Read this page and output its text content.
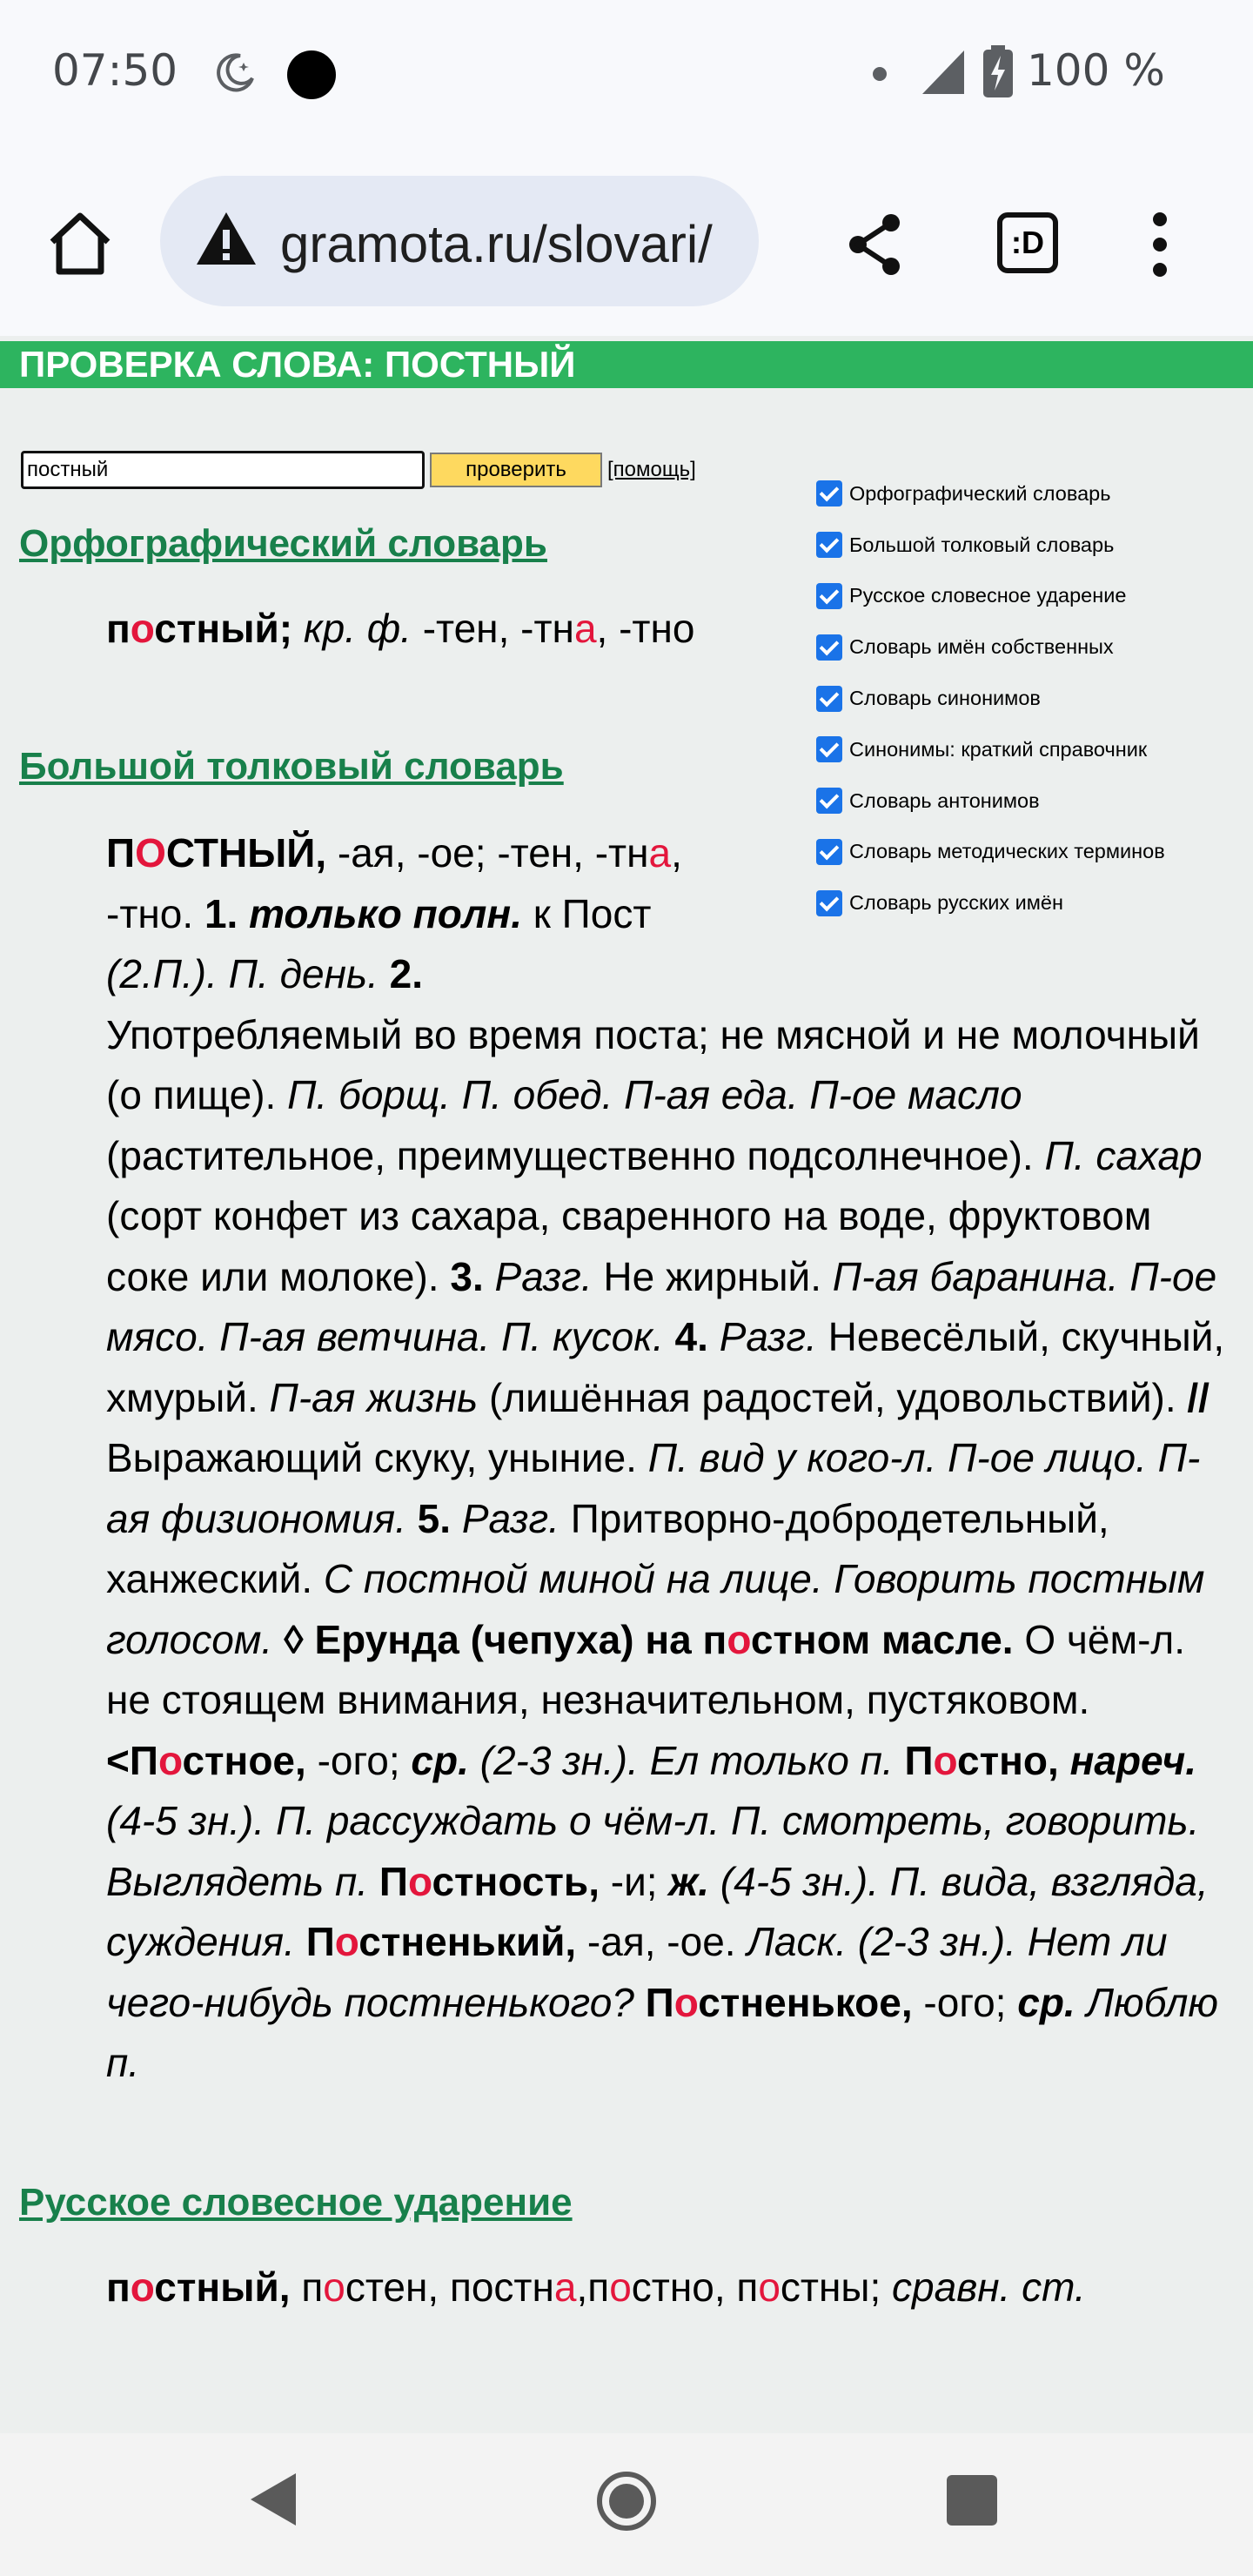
07:50	100 %
gramota.ru/slovari/	:D
ПРОВЕРКА СЛОВА: ПОСТНЫЙ
постный
проверить	[помощь]
Орфографический словарь
Большой толковый словарь
Русское словесное ударение
Словарь имён собственных
Словарь синонимов
Синонимы: краткий справочник
Словарь антонимов
Словарь методических терминов
Словарь русских имён
Орфографический словарь
постный; кр. ф. -тен, -тна, -тно
Большой толковый словарь
ПОСТНЫЙ, -ая, -ое; -тен, -тна,
-тно. 1. только полн. к Пост
(2.П.). П. день. 2.
Употребляемый во время поста; не мясной и не молочный (о пище). П. борщ. П. обед. П-ая еда. П-ое масло (растительное, преимущественно подсолнечное). П. сахар (сорт конфет из сахара, сваренного на воде, фруктовом соке или молоке). 3. Разг. Не жирный. П-ая баранина. П-ое мясо. П-ая ветчина. П. кусок. 4. Разг. Невесёлый, скучный, хмурый. П-ая жизнь (лишённая радостей, удовольствий). // Выражающий скуку, уныние. П. вид у кого-л. П-ое лицо. П-ая физиономия. 5. Разг. Притворно-добродетельный, ханжеский. С постной миной на лице. Говорить постным голосом. ◊ Ерунда (чепуха) на постном масле. О чём-л. не стоящем внимания, незначительном, пустяковом. <Постное, -ого; ср. (2-3 зн.). Ел только п. Постно, нареч. (4-5 зн.). П. рассуждать о чём-л. П. смотреть, говорить. Выглядеть п. Постность, -и; ж. (4-5 зн.). П. вида, взгляда, суждения. Постненький, -ая, -ое. Ласк. (2-3 зн.). Нет ли чего-нибудь постненького? Постненькое, -ого; ср. Люблю п.
Русское словесное ударение
постный, постен, постна,постно, постны; сравн. ст.
